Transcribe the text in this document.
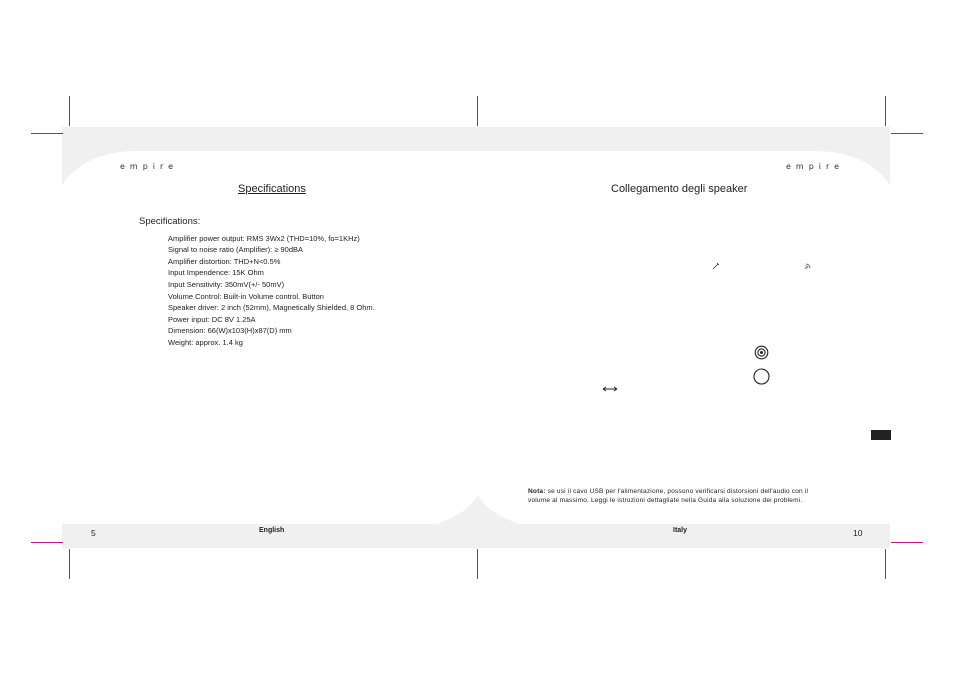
empire	empire
Specifications
Specifications:
Amplifier power output: RMS 3Wx2 (THD=10%, fo=1KHz)
Signal to noise ratio (Amplifier): ≥ 90dBA
Amplifier distortion: THD+N<0.5%
Input Impendence: 15K Ohm
Input Sensitivity: 350mV(+/- 50mV)
Volume Control: Built-in Volume control. Button
Speaker driver: 2 inch (52mm), Magnetically Shielded, 8 Ohm.
Power input: DC 8V 1.25A
Dimension: 66(W)x103(H)x87(D) mm
Weight: approx. 1.4 kg
5	English
Collegamento degli speaker
Nota: se usi il cavo USB per l'alimentazione, possono verificarsi distorsioni dell'audio con il
volume al massimo. Leggi le istruzioni dettagliate nella Guida alla soluzione dei problemi.
Italy	10
